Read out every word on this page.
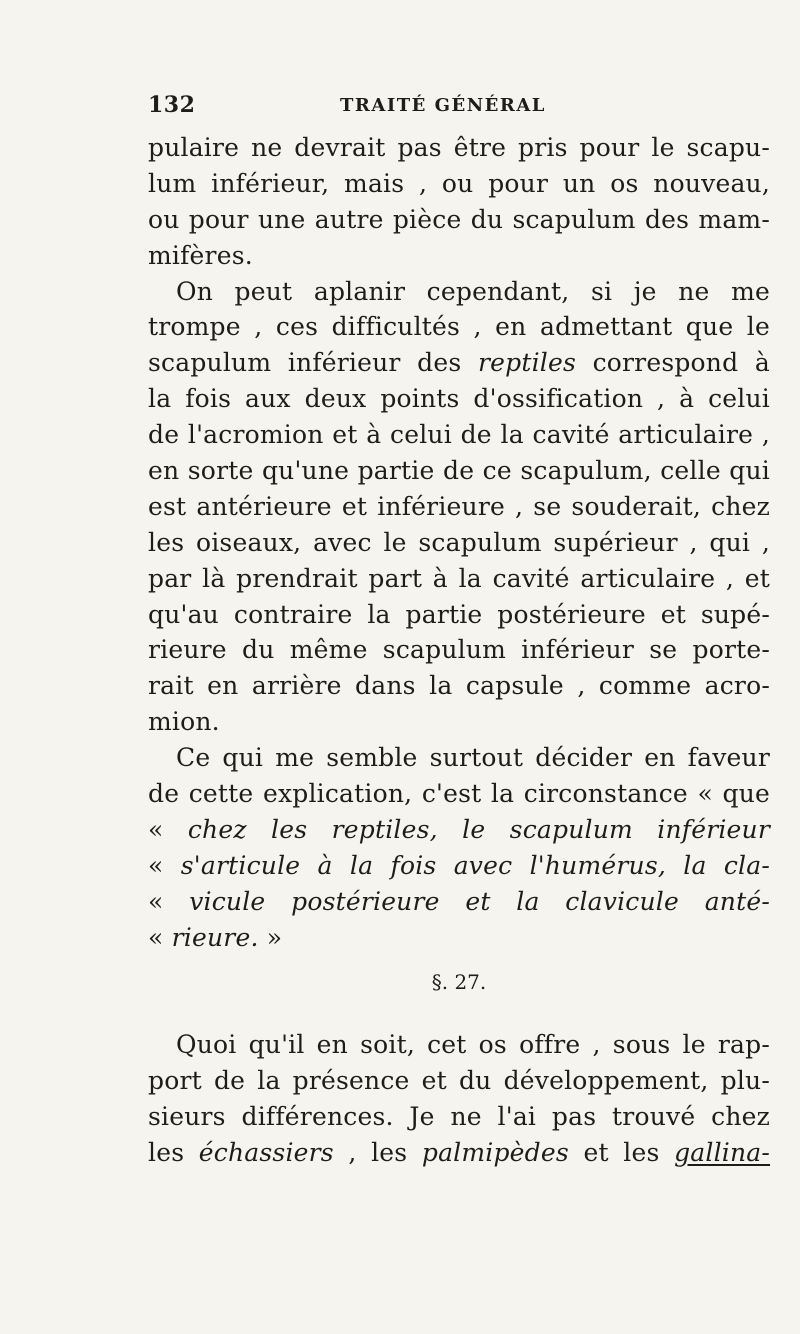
132	TRAITÉ GÉNÉRAL
pulaire ne devrait pas être pris pour le scapu-
lum inférieur, mais , ou pour un os nouveau,
ou pour une autre pièce du scapulum des mam-
mifères.
On peut aplanir cependant, si je ne me
trompe , ces difficultés , en admettant que le
scapulum inférieur des reptiles correspond à
la fois aux deux points d'ossification , à celui
de l'acromion et à celui de la cavité articulaire ,
en sorte qu'une partie de ce scapulum, celle qui
est antérieure et inférieure , se souderait, chez
les oiseaux, avec le scapulum supérieur , qui ,
par là prendrait part à la cavité articulaire , et
qu'au contraire la partie postérieure et supé-
rieure du même scapulum inférieur se porte-
rait en arrière dans la capsule , comme acro-
mion.
Ce qui me semble surtout décider en faveur
de cette explication, c'est la circonstance « que
« chez les reptiles, le scapulum inférieur
« s'articule à la fois avec l'humérus, la cla-
« vicule postérieure et la clavicule anté-
« rieure. »
§. 27.
Quoi qu'il en soit, cet os offre , sous le rap-
port de la présence et du développement, plu-
sieurs différences. Je ne l'ai pas trouvé chez
les échassiers , les palmipèdes et les gallina-
